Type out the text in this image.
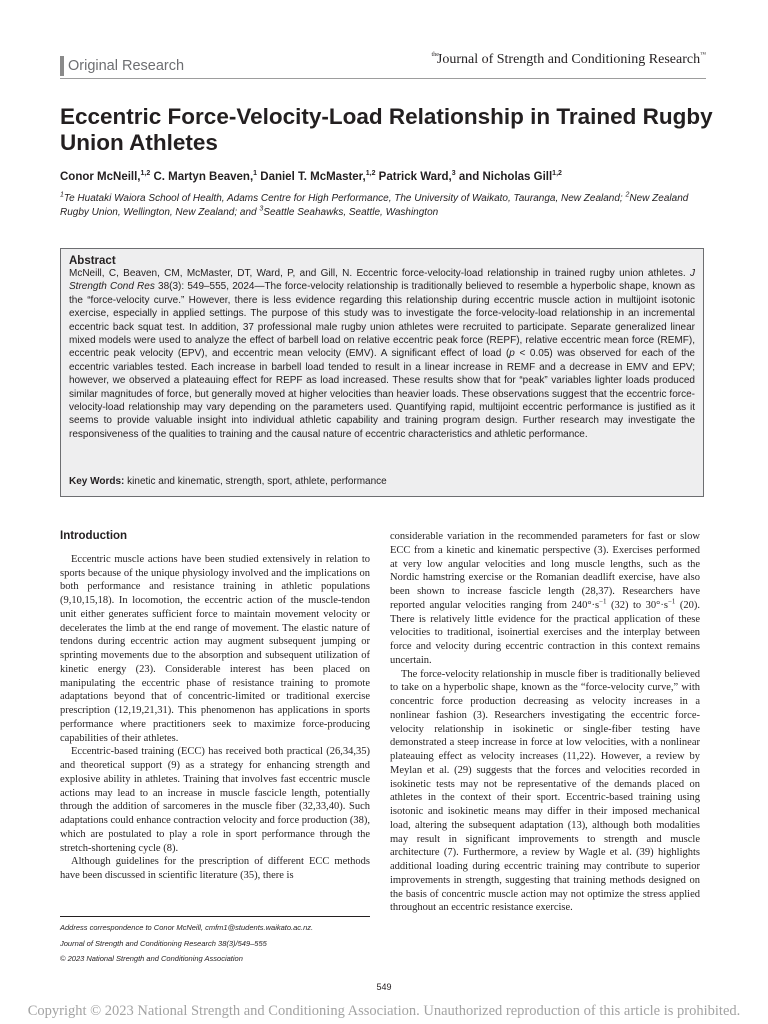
Original Research
$^{the}$Journal of Strength and Conditioning Research™
Eccentric Force-Velocity-Load Relationship in Trained Rugby Union Athletes
Conor McNeill,$^{1,2}$ C. Martyn Beaven,$^1$ Daniel T. McMaster,$^{1,2}$ Patrick Ward,$^3$ and Nicholas Gill$^{1,2}$
$^1$Te Huataki Waiora School of Health, Adams Centre for High Performance, The University of Waikato, Tauranga, New Zealand; $^2$New Zealand Rugby Union, Wellington, New Zealand; and $^3$Seattle Seahawks, Seattle, Washington
Abstract
McNeill, C, Beaven, CM, McMaster, DT, Ward, P, and Gill, N. Eccentric force-velocity-load relationship in trained rugby union athletes. J Strength Cond Res 38(3): 549–555, 2024—The force-velocity relationship is traditionally believed to resemble a hyperbolic shape, known as the “force-velocity curve.” However, there is less evidence regarding this relationship during eccentric muscle action in multijoint isotonic exercise, especially in applied settings. The purpose of this study was to investigate the force-velocity-load relationship in an incremental eccentric back squat test. In addition, 37 professional male rugby union athletes were recruited to participate. Separate generalized linear mixed models were used to analyze the effect of barbell load on relative eccentric peak force (REPF), relative eccentric mean force (REMF), eccentric peak velocity (EPV), and eccentric mean velocity (EMV). A significant effect of load (p < 0.05) was observed for each of the eccentric variables tested. Each increase in barbell load tended to result in a linear increase in REMF and a decrease in EMV and EPV; however, we observed a plateauing effect for REPF as load increased. These results show that for “peak” variables lighter loads produced similar magnitudes of force, but generally moved at higher velocities than heavier loads. These observations suggest that the eccentric force-velocity-load relationship may vary depending on the parameters used. Quantifying rapid, multijoint eccentric performance is justified as it seems to provide valuable insight into individual athletic capability and training program design. Further research may investigate the responsiveness of the qualities to training and the causal nature of eccentric characteristics and athletic performance.
Key Words: kinetic and kinematic, strength, sport, athlete, performance
Introduction

Eccentric muscle actions have been studied extensively in relation to sports because of the unique physiology involved and the implications on both performance and resistance training in athletic populations (9,10,15,18). In locomotion, the eccentric action of the muscle-tendon unit either generates sufficient force to maintain movement velocity or decelerates the limb at the end range of movement. The elastic nature of tendons during eccentric action may augment subsequent jumping or sprinting movements due to the absorption and subsequent utilization of kinetic energy (23). Considerable interest has been placed on manipulating the eccentric phase of resistance training to promote adaptations beyond that of concentric-limited or traditional exercise prescription (12,19,21,31). This phenomenon has applications in sports performance where practitioners seek to maximize force-producing capabilities of their athletes.

Eccentric-based training (ECC) has received both practical (26,34,35) and theoretical support (9) as a strategy for enhancing strength and explosive ability in athletes. Training that involves fast eccentric muscle actions may lead to an increase in muscle fascicle length, potentially through the addition of sarcomeres in the muscle fiber (32,33,40). Such adaptations could enhance contraction velocity and force production (38), which are postulated to play a role in sport performance through the stretch-shortening cycle (8).

Although guidelines for the prescription of different ECC methods have been discussed in scientific literature (35), there is

considerable variation in the recommended parameters for fast or slow ECC from a kinetic and kinematic perspective (3). Exercises performed at very low angular velocities and long muscle lengths, such as the Nordic hamstring exercise or the Romanian deadlift exercise, have also been shown to increase fascicle length (28,37). Researchers have reported angular velocities ranging from $240^\circ\cdot s^{-1}$ (32) to $30^\circ\cdot s^{-1}$ (20). There is relatively little evidence for the practical application of these velocities to traditional, isoinertial exercises and the interplay between force and velocity during eccentric contraction in this context remains uncertain.

The force-velocity relationship in muscle fiber is traditionally believed to take on a hyperbolic shape, known as the “force-velocity curve,” with concentric force production decreasing as velocity increases in a nonlinear fashion (3). Researchers investigating the eccentric force-velocity relationship in isokinetic or single-fiber testing have demonstrated a steep increase in force at low velocities, with a nonlinear plateauing effect as velocity increases (11,22). However, a review by Meylan et al. (29) suggests that the forces and velocities recorded in isokinetic tests may not be representative of the demands placed on athletes in the context of their sport. Eccentric-based training using isotonic and isokinetic means may differ in their imposed mechanical load, altering the subsequent adaptation (13), although both modalities may result in significant improvements to strength and muscle architecture (7). Furthermore, a review by Wagle et al. (39) highlights additional loading during eccentric training may contribute to superior improvements in strength, suggesting that training methods designed on the basis of concentric muscle action may not optimize the stress applied throughout an eccentric resistance exercise.

Address correspondence to Conor McNeill, cmfm1@students.waikato.ac.nz.
Journal of Strength and Conditioning Research 38(3)/549–555
© 2023 National Strength and Conditioning Association
549
Copyright © 2023 National Strength and Conditioning Association. Unauthorized reproduction of this article is prohibited.
